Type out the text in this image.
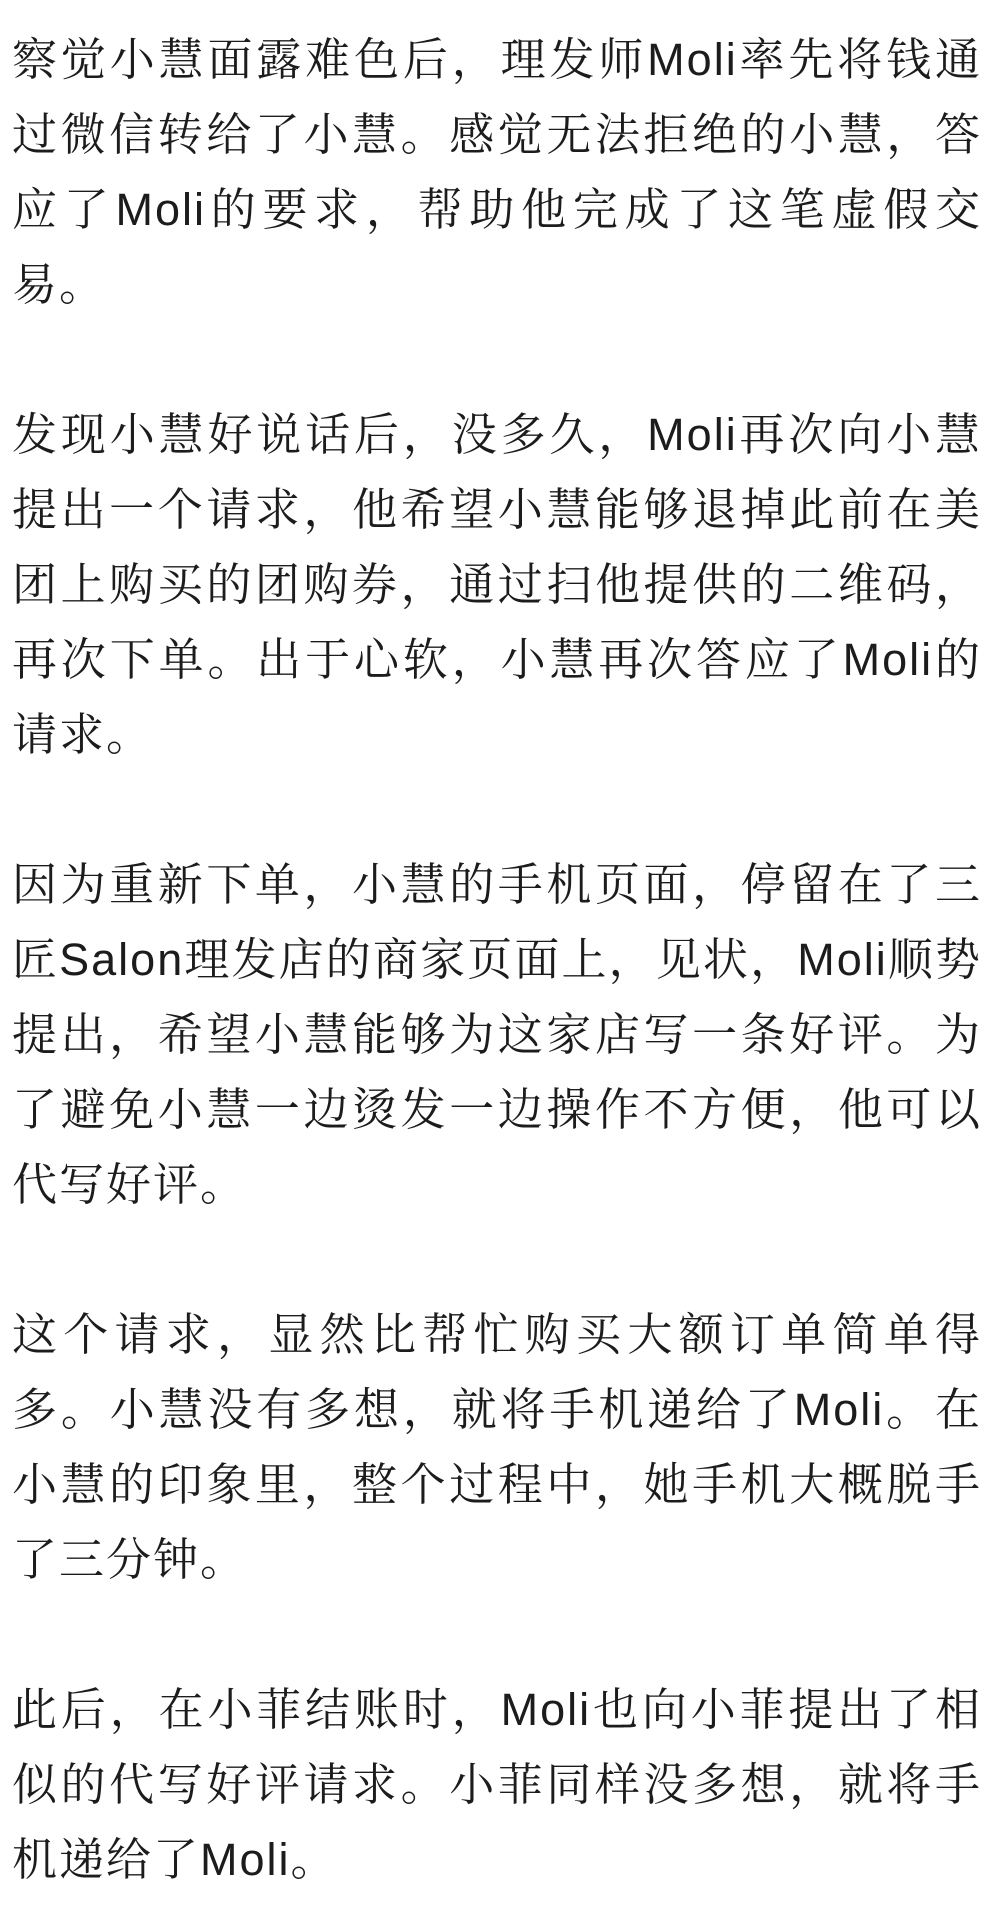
察觉小慧面露难色后，理发师Moli率先将钱通过微信转给了小慧。感觉无法拒绝的小慧，答应了Moli的要求，帮助他完成了这笔虚假交易。

发现小慧好说话后，没多久，Moli再次向小慧提出一个请求，他希望小慧能够退掉此前在美团上购买的团购券，通过扫他提供的二维码，再次下单。出于心软，小慧再次答应了Moli的请求。

因为重新下单，小慧的手机页面，停留在了三匠Salon理发店的商家页面上，见状，Moli顺势提出，希望小慧能够为这家店写一条好评。为了避免小慧一边烫发一边操作不方便，他可以代写好评。

这个请求，显然比帮忙购买大额订单简单得多。小慧没有多想，就将手机递给了Moli。在小慧的印象里，整个过程中，她手机大概脱手了三分钟。

此后，在小菲结账时，Moli也向小菲提出了相似的代写好评请求。小菲同样没多想，就将手机递给了Moli。
